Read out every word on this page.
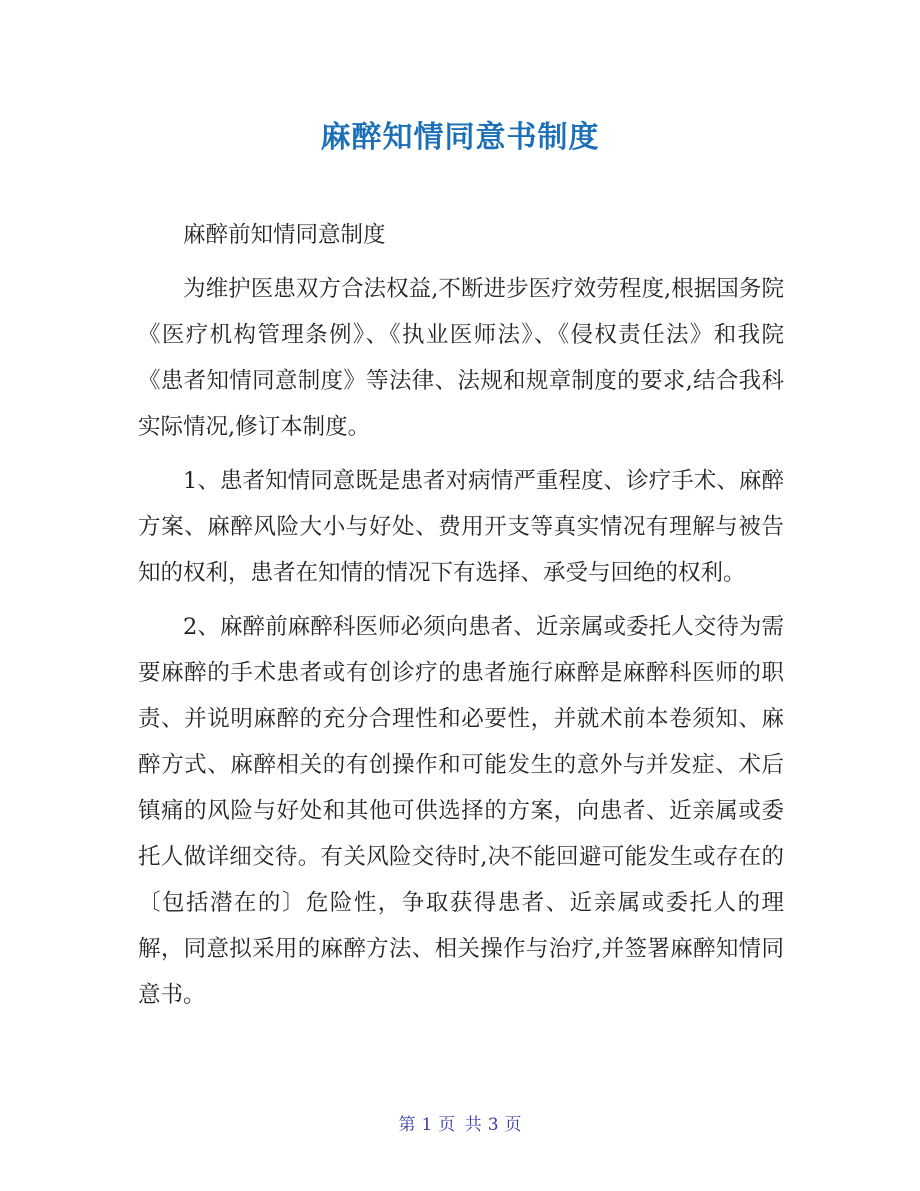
麻醉知情同意书制度

麻醉前知情同意制度

为维护医患双方合法权益,不断进步医疗效劳程度,根据国务院《医疗机构管理条例》、《执业医师法》、《侵权责任法》和我院《患者知情同意制度》等法律、法规和规章制度的要求,结合我科实际情况,修订本制度。

1、患者知情同意既是患者对病情严重程度、诊疗手术、麻醉方案、麻醉风险大小与好处、费用开支等真实情况有理解与被告知的权利，患者在知情的情况下有选择、承受与回绝的权利。

2、麻醉前麻醉科医师必须向患者、近亲属或委托人交待为需要麻醉的手术患者或有创诊疗的患者施行麻醉是麻醉科医师的职责、并说明麻醉的充分合理性和必要性，并就术前本卷须知、麻醉方式、麻醉相关的有创操作和可能发生的意外与并发症、术后镇痛的风险与好处和其他可供选择的方案，向患者、近亲属或委托人做详细交待。有关风险交待时,决不能回避可能发生或存在的〔包括潜在的〕危险性，争取获得患者、近亲属或委托人的理解，同意拟采用的麻醉方法、相关操作与治疗,并签署麻醉知情同意书。

第 1 页 共 3 页
